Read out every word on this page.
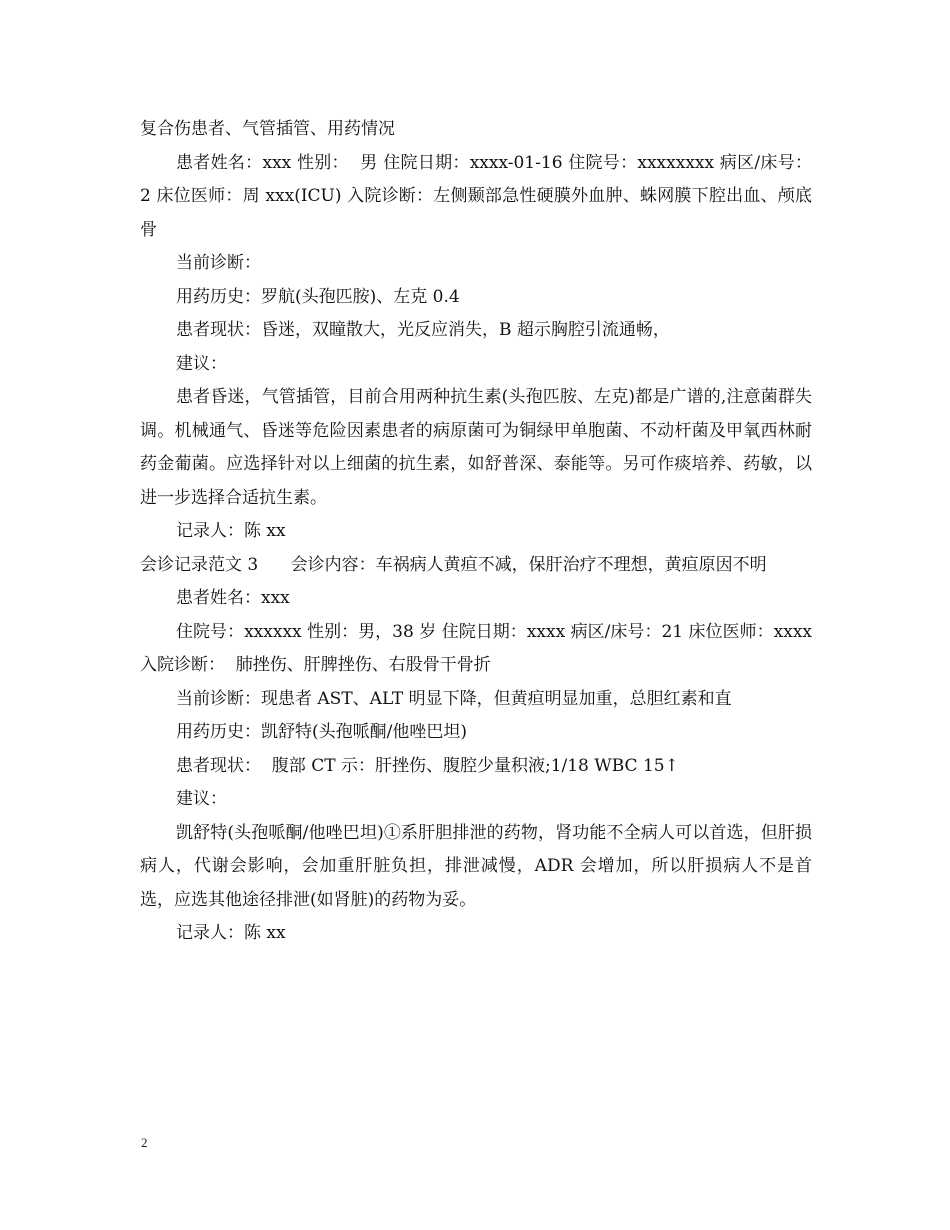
复合伤患者、气管插管、用药情况

患者姓名：xxx 性别：  男 住院日期：xxxx-01-16 住院号：xxxxxxxx 病区/床号：2 床位医师：周 xxx(ICU) 入院诊断：左侧颞部急性硬膜外血肿、蛛网膜下腔出血、颅底骨

当前诊断：

用药历史：罗航(头孢匹胺)、左克 0.4

患者现状：昏迷，双瞳散大，光反应消失，B 超示胸腔引流通畅，

建议：

患者昏迷，气管插管，目前合用两种抗生素(头孢匹胺、左克)都是广谱的,注意菌群失调。机械通气、昏迷等危险因素患者的病原菌可为铜绿甲单胞菌、不动杆菌及甲氧西林耐药金葡菌。应选择针对以上细菌的抗生素，如舒普深、泰能等。另可作痰培养、药敏，以进一步选择合适抗生素。

记录人：陈 xx

会诊记录范文 3      会诊内容：车祸病人黄疸不减，保肝治疗不理想，黄疸原因不明

患者姓名：xxx

住院号：xxxxxx 性别：男，38 岁 住院日期：xxxx 病区/床号：21 床位医师：xxxx 入院诊断：  肺挫伤、肝脾挫伤、右股骨干骨折

当前诊断：现患者 AST、ALT 明显下降，但黄疸明显加重，总胆红素和直

用药历史：凯舒特(头孢哌酮/他唑巴坦)

患者现状：  腹部 CT 示：肝挫伤、腹腔少量积液;1/18 WBC 15↑

建议：

凯舒特(头孢哌酮/他唑巴坦)①系肝胆排泄的药物，肾功能不全病人可以首选，但肝损病人，代谢会影响，会加重肝脏负担，排泄减慢，ADR 会增加，所以肝损病人不是首选，应选其他途径排泄(如肾脏)的药物为妥。

记录人：陈 xx

2
